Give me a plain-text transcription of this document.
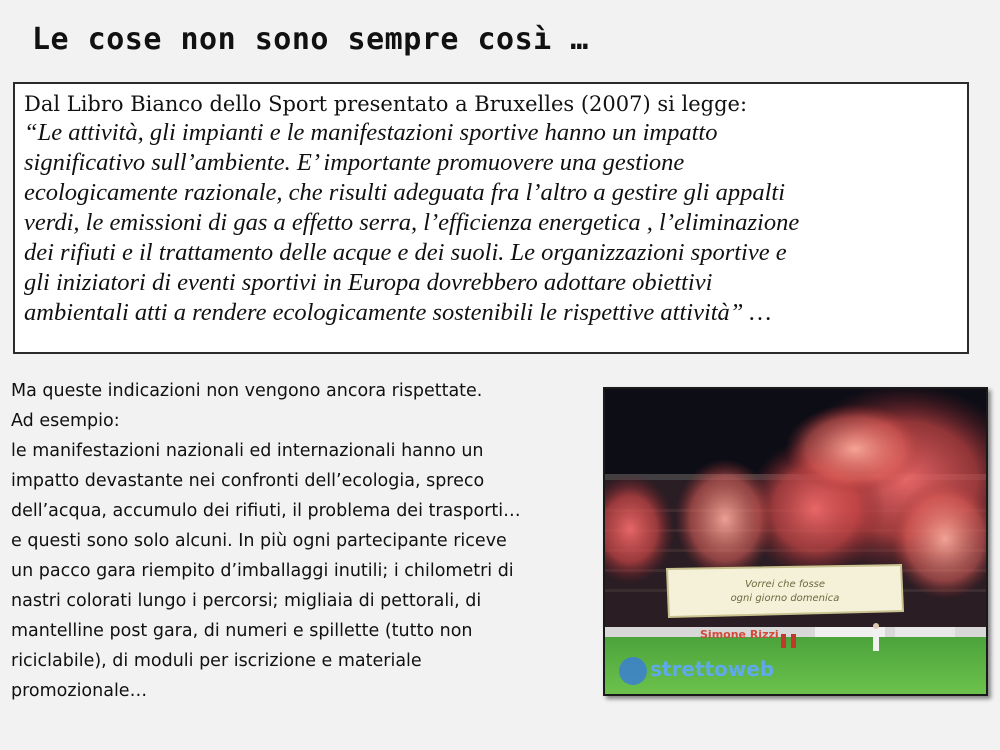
Le cose non sono sempre così …
Dal Libro Bianco dello Sport presentato a Bruxelles (2007) si legge:
“Le attività, gli impianti e le manifestazioni sportive hanno un impatto
significativo sull’ambiente. E’ importante promuovere una gestione
ecologicamente razionale, che risulti adeguata fra l’altro a gestire gli appalti
verdi, le emissioni di gas a effetto serra, l’efficienza energetica , l’eliminazione
dei rifiuti e il trattamento delle acque e dei suoli. Le organizzazioni sportive e
gli iniziatori di eventi sportivi in Europa dovrebbero adottare obiettivi
ambientali atti a rendere ecologicamente sostenibili le rispettive attività” …
Ma queste indicazioni non vengono ancora rispettate.
Ad esempio:
le manifestazioni nazionali ed internazionali hanno un
impatto devastante nei confronti dell’ecologia, spreco
dell’acqua, accumulo dei rifiuti, il problema dei trasporti…
e questi sono solo alcuni. In più ogni partecipante riceve
un pacco gara riempito d’imballaggi inutili; i chilometri di
nastri colorati lungo i percorsi; migliaia di pettorali, di
mantelline post gara, di numeri e spillette (tutto non
riciclabile), di moduli per iscrizione e materiale
promozionale…
Vorrei che fosse
ogni giorno domenica
Simone Rizzi
strettoweb
